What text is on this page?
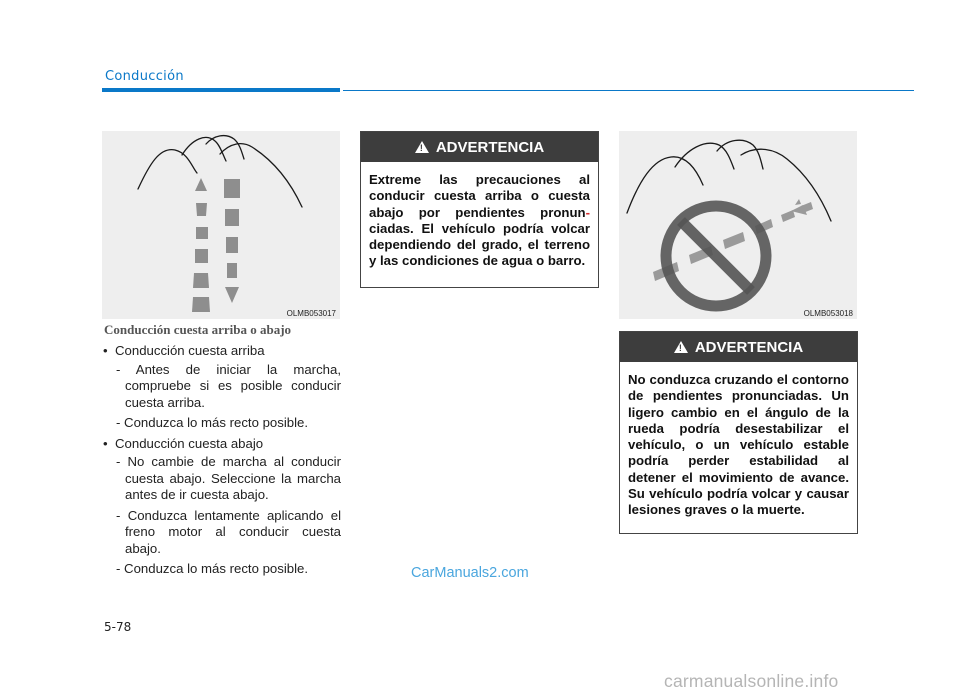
Conducción
OLMB053017
Conducción cuesta arriba o abajo
• Conducción cuesta arriba
- Antes de iniciar la marcha, compruebe si es posible conducir cuesta arriba.
- Conduzca lo más recto posible.
• Conducción cuesta abajo
- No cambie de marcha al conducir cuesta abajo. Seleccione la marcha antes de ir cuesta abajo.
- Conduzca lentamente aplicando el freno motor al conducir cuesta abajo.
- Conduzca lo más recto posible.
! ADVERTENCIA
Extreme las precauciones al conducir cuesta arriba o cuesta abajo por pendientes pronun-ciadas. El vehículo podría volcar dependiendo del grado, el terreno y las condiciones de agua o barro.
OLMB053018
! ADVERTENCIA
No conduzca cruzando el contorno de pendientes pronunciadas. Un ligero cambio en el ángulo de la rueda podría desestabilizar el vehículo, o un vehículo estable podría perder estabilidad al detener el movimiento de avance. Su vehículo podría volcar y causar lesiones graves o la muerte.
5-78
CarManuals2.com
carmanualsonline.info
